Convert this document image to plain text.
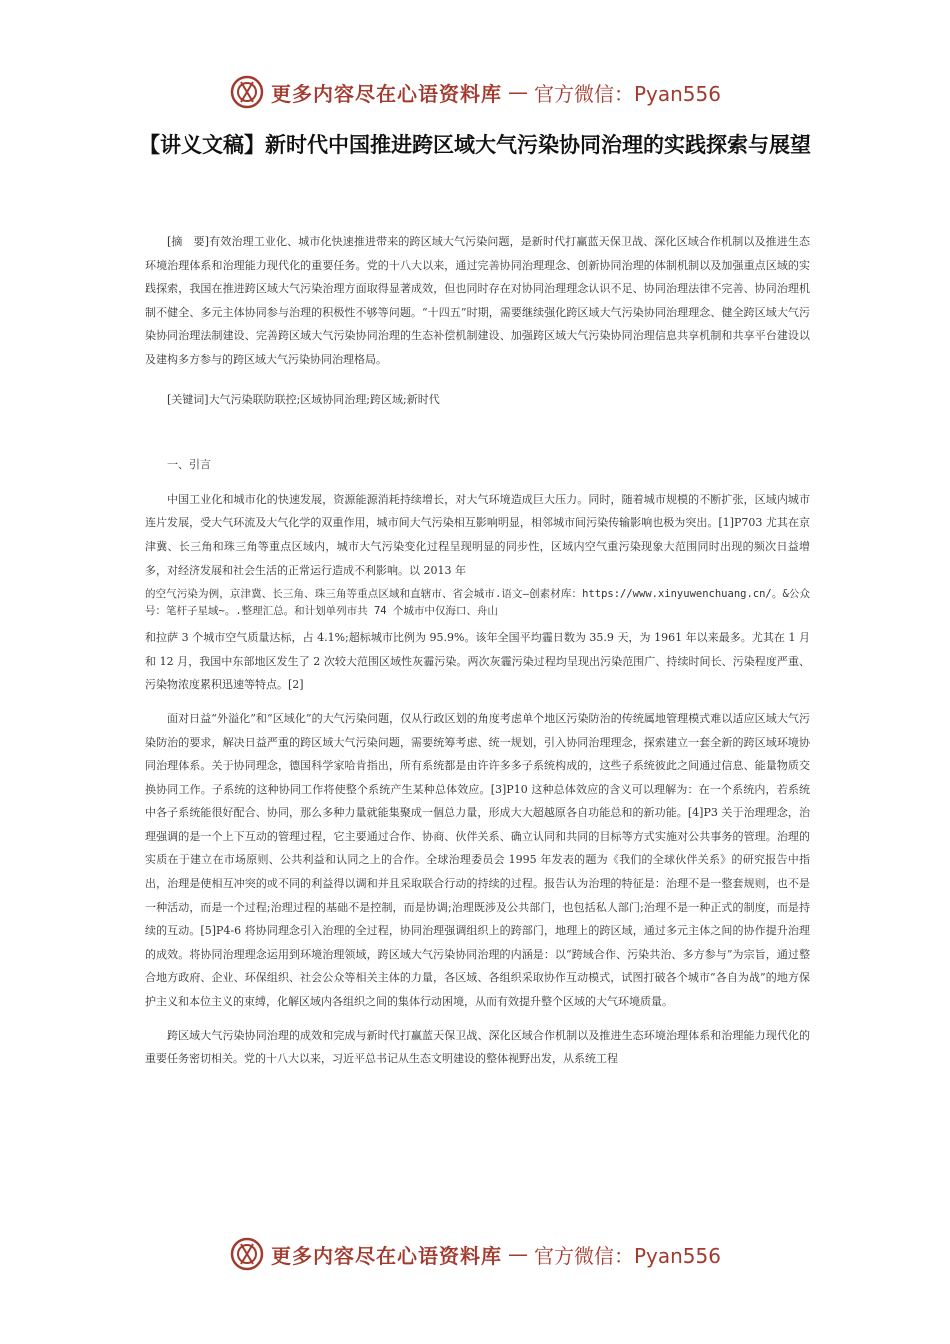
更多内容尽在心语资料库 — 官方微信：Pyan556
【讲义文稿】新时代中国推进跨区域大气污染协同治理的实践探索与展望

[摘　要]有效治理工业化、城市化快速推进带来的跨区域大气污染问题，是新时代打赢蓝天保卫战、深化区域合作机制以及推进生态环境治理体系和治理能力现代化的重要任务。党的十八大以来，通过完善协同治理理念、创新协同治理的体制机制以及加强重点区域的实践探索，我国在推进跨区域大气污染治理方面取得显著成效，但也同时存在对协同治理理念认识不足、协同治理法律不完善、协同治理机制不健全、多元主体协同参与治理的积极性不够等问题。“十四五”时期，需要继续强化跨区域大气污染协同治理理念、健全跨区域大气污染协同治理法制建设、完善跨区域大气污染协同治理的生态补偿机制建设、加强跨区域大气污染协同治理信息共享机制和共享平台建设以及建构多方参与的跨区域大气污染协同治理格局。

[关键词]大气污染联防联控;区域协同治理;跨区域;新时代

一、引言

中国工业化和城市化的快速发展，资源能源消耗持续增长，对大气环境造成巨大压力。同时，随着城市规模的不断扩张，区域内城市连片发展，受大气环流及大气化学的双重作用，城市间大气污染相互影响明显，相邻城市间污染传输影响也极为突出。[1]P703 尤其在京津冀、长三角和珠三角等重点区域内，城市大气污染变化过程呈现明显的同步性，区域内空气重污染现象大范围同时出现的频次日益增多，对经济发展和社会生活的正常运行造成不利影响。以 2013 年

的空气污染为例，京津冀、长三角、珠三角等重点区域和直辖市、省会城市.语文—创素材库：https://www.xinyuwenchuang.cn/。&公众号：笔杆子星域~。.整理汇总。和计划单列市共 74 个城市中仅海口、舟山

和拉萨 3 个城市空气质量达标，占 4.1%;超标城市比例为 95.9%。该年全国平均霾日数为 35.9 天，为 1961 年以来最多。尤其在 1 月和 12 月，我国中东部地区发生了 2 次较大范围区域性灰霾污染。两次灰霾污染过程均呈现出污染范围广、持续时间长、污染程度严重、污染物浓度累积迅速等特点。[2]

面对日益“外溢化”和“区域化”的大气污染问题，仅从行政区划的角度考虑单个地区污染防治的传统属地管理模式难以适应区域大气污染防治的要求，解决日益严重的跨区域大气污染问题，需要统筹考虑、统一规划，引入协同治理理念，探索建立一套全新的跨区域环境协同治理体系。关于协同理念，德国科学家哈肯指出，所有系统都是由许许多多子系统构成的，这些子系统彼此之间通过信息、能量物质交换协同工作。子系统的这种协同工作将使整个系统产生某种总体效应。[3]P10 这种总体效应的含义可以理解为：在一个系统内，若系统中各子系统能很好配合、协同，那么多种力量就能集聚成一個总力量，形成大大超越原各自功能总和的新功能。[4]P3 关于治理理念，治理强调的是一个上下互动的管理过程，它主要通过合作、协商、伙伴关系、确立认同和共同的目标等方式实施对公共事务的管理。治理的实质在于建立在市场原则、公共利益和认同之上的合作。全球治理委员会 1995 年发表的题为《我们的全球伙伴关系》的研究报告中指出，治理是使相互冲突的或不同的利益得以调和并且采取联合行动的持续的过程。报告认为治理的特征是：治理不是一整套规则，也不是一种活动，而是一个过程;治理过程的基础不是控制，而是协调;治理既涉及公共部门，也包括私人部门;治理不是一种正式的制度，而是持续的互动。[5]P4-6 将协同理念引入治理的全过程，协同治理强调组织上的跨部门，地理上的跨区域，通过多元主体之间的协作提升治理的成效。将协同治理理念运用到环境治理领域，跨区域大气污染协同治理的内涵是：以“跨域合作、污染共治、多方参与”为宗旨，通过整合地方政府、企业、环保组织、社会公众等相关主体的力量，各区域、各组织采取协作互动模式，试图打破各个城市“各自为战”的地方保护主义和本位主义的束缚，化解区域内各组织之间的集体行动困境，从而有效提升整个区域的大气环境质量。

跨区域大气污染协同治理的成效和完成与新时代打赢蓝天保卫战、深化区域合作机制以及推进生态环境治理体系和治理能力现代化的重要任务密切相关。党的十八大以来，习近平总书记从生态文明建设的整体视野出发，从系统工程

更多内容尽在心语资料库 — 官方微信：Pyan556
